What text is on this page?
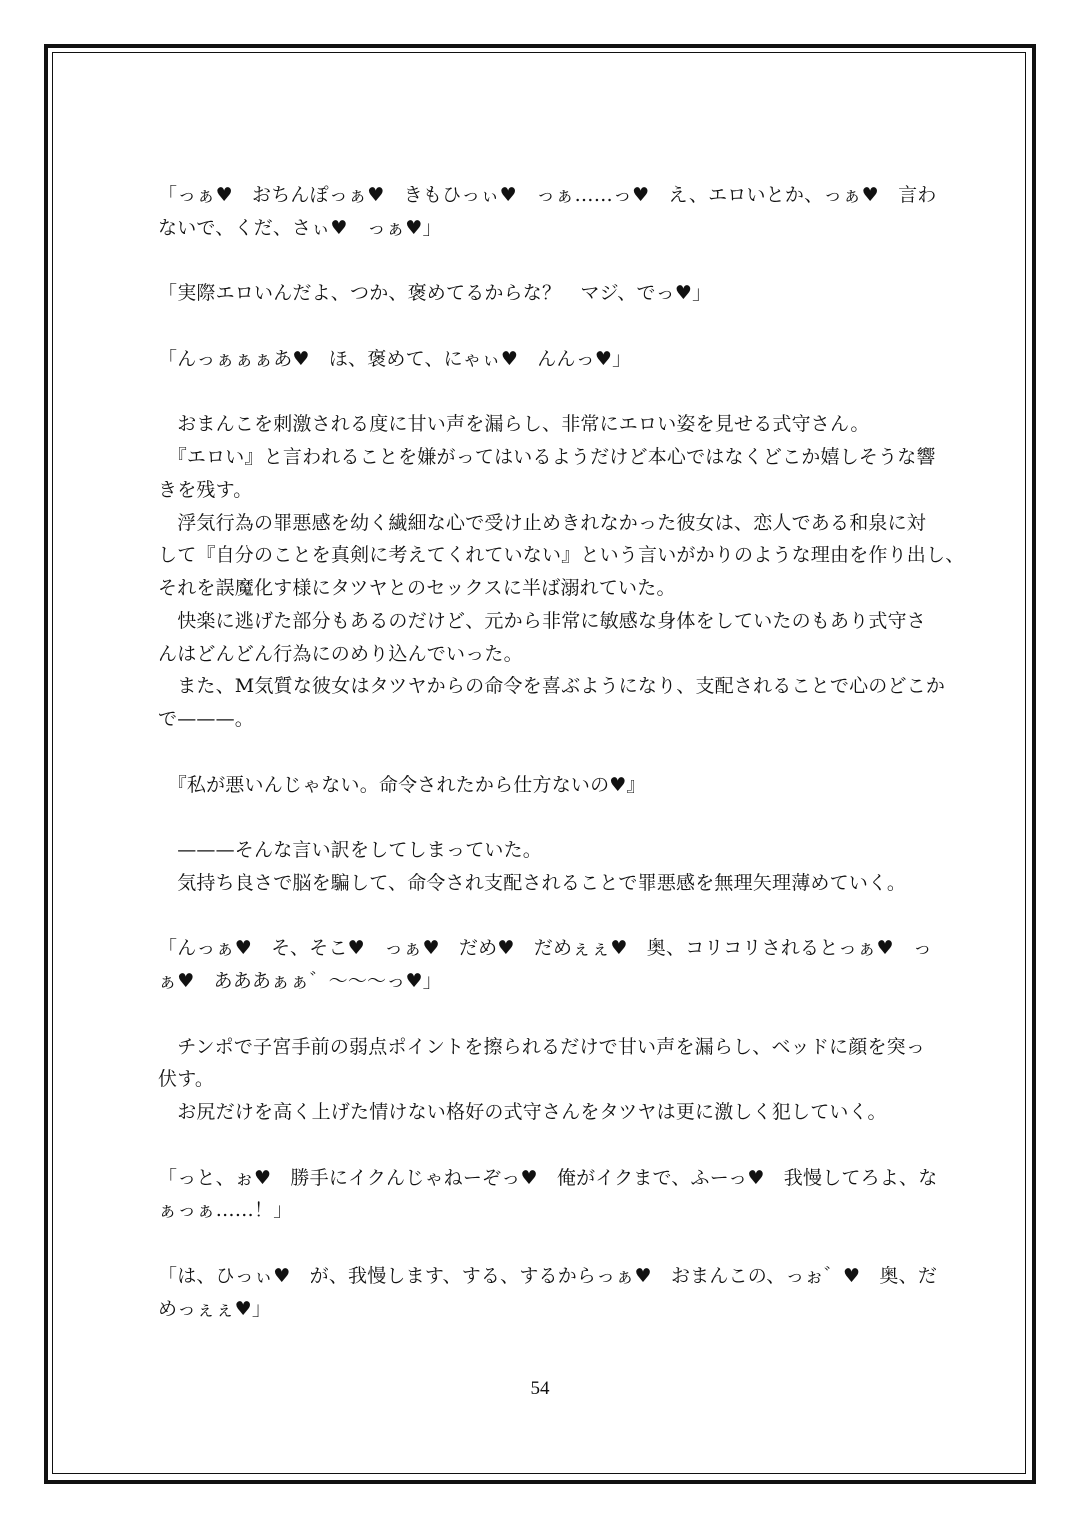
「っぁ♥　おちんぽっぁ♥　きもひっぃ♥　っぁ……っ♥　え、エロいとか、っぁ♥　言わ
ないで、くだ、さぃ♥　っぁ♥」
「実際エロいんだよ、つか、褒めてるからな？　マジ、でっ♥」
「んっぁぁぁあ♥　ほ、褒めて、にゃぃ♥　んんっ♥」
　おまんこを刺激される度に甘い声を漏らし、非常にエロい姿を見せる式守さん。
　『エロい』と言われることを嫌がってはいるようだけど本心ではなくどこか嬉しそうな響
きを残す。
　浮気行為の罪悪感を幼く繊細な心で受け止めきれなかった彼女は、恋人である和泉に対
して『自分のことを真剣に考えてくれていない』という言いがかりのような理由を作り出し、
それを誤魔化す様にタツヤとのセックスに半ば溺れていた。
　快楽に逃げた部分もあるのだけど、元から非常に敏感な身体をしていたのもあり式守さ
んはどんどん行為にのめり込んでいった。
　また、M気質な彼女はタツヤからの命令を喜ぶようになり、支配されることで心のどこか
で———。
　『私が悪いんじゃない。命令されたから仕方ないの♥』
　———そんな言い訳をしてしまっていた。
　気持ち良さで脳を騙して、命令され支配されることで罪悪感を無理矢理薄めていく。
「んっぁ♥　そ、そこ♥　っぁ♥　だめ♥　だめぇぇ♥　奥、コリコリされるとっぁ♥　っ
ぁ♥　あああぁぁ゛～～～っ♥」
　チンポで子宮手前の弱点ポイントを擦られるだけで甘い声を漏らし、ベッドに顔を突っ
伏す。
　お尻だけを高く上げた情けない格好の式守さんをタツヤは更に激しく犯していく。
「っと、ぉ♥　勝手にイクんじゃねーぞっ♥　俺がイクまで、ふーっ♥　我慢してろよ、な
ぁっぁ……！」
「は、ひっぃ♥　が、我慢します、する、するからっぁ♥　おまんこの、っぉ゛♥　奥、だ
めっぇぇ♥」
54
